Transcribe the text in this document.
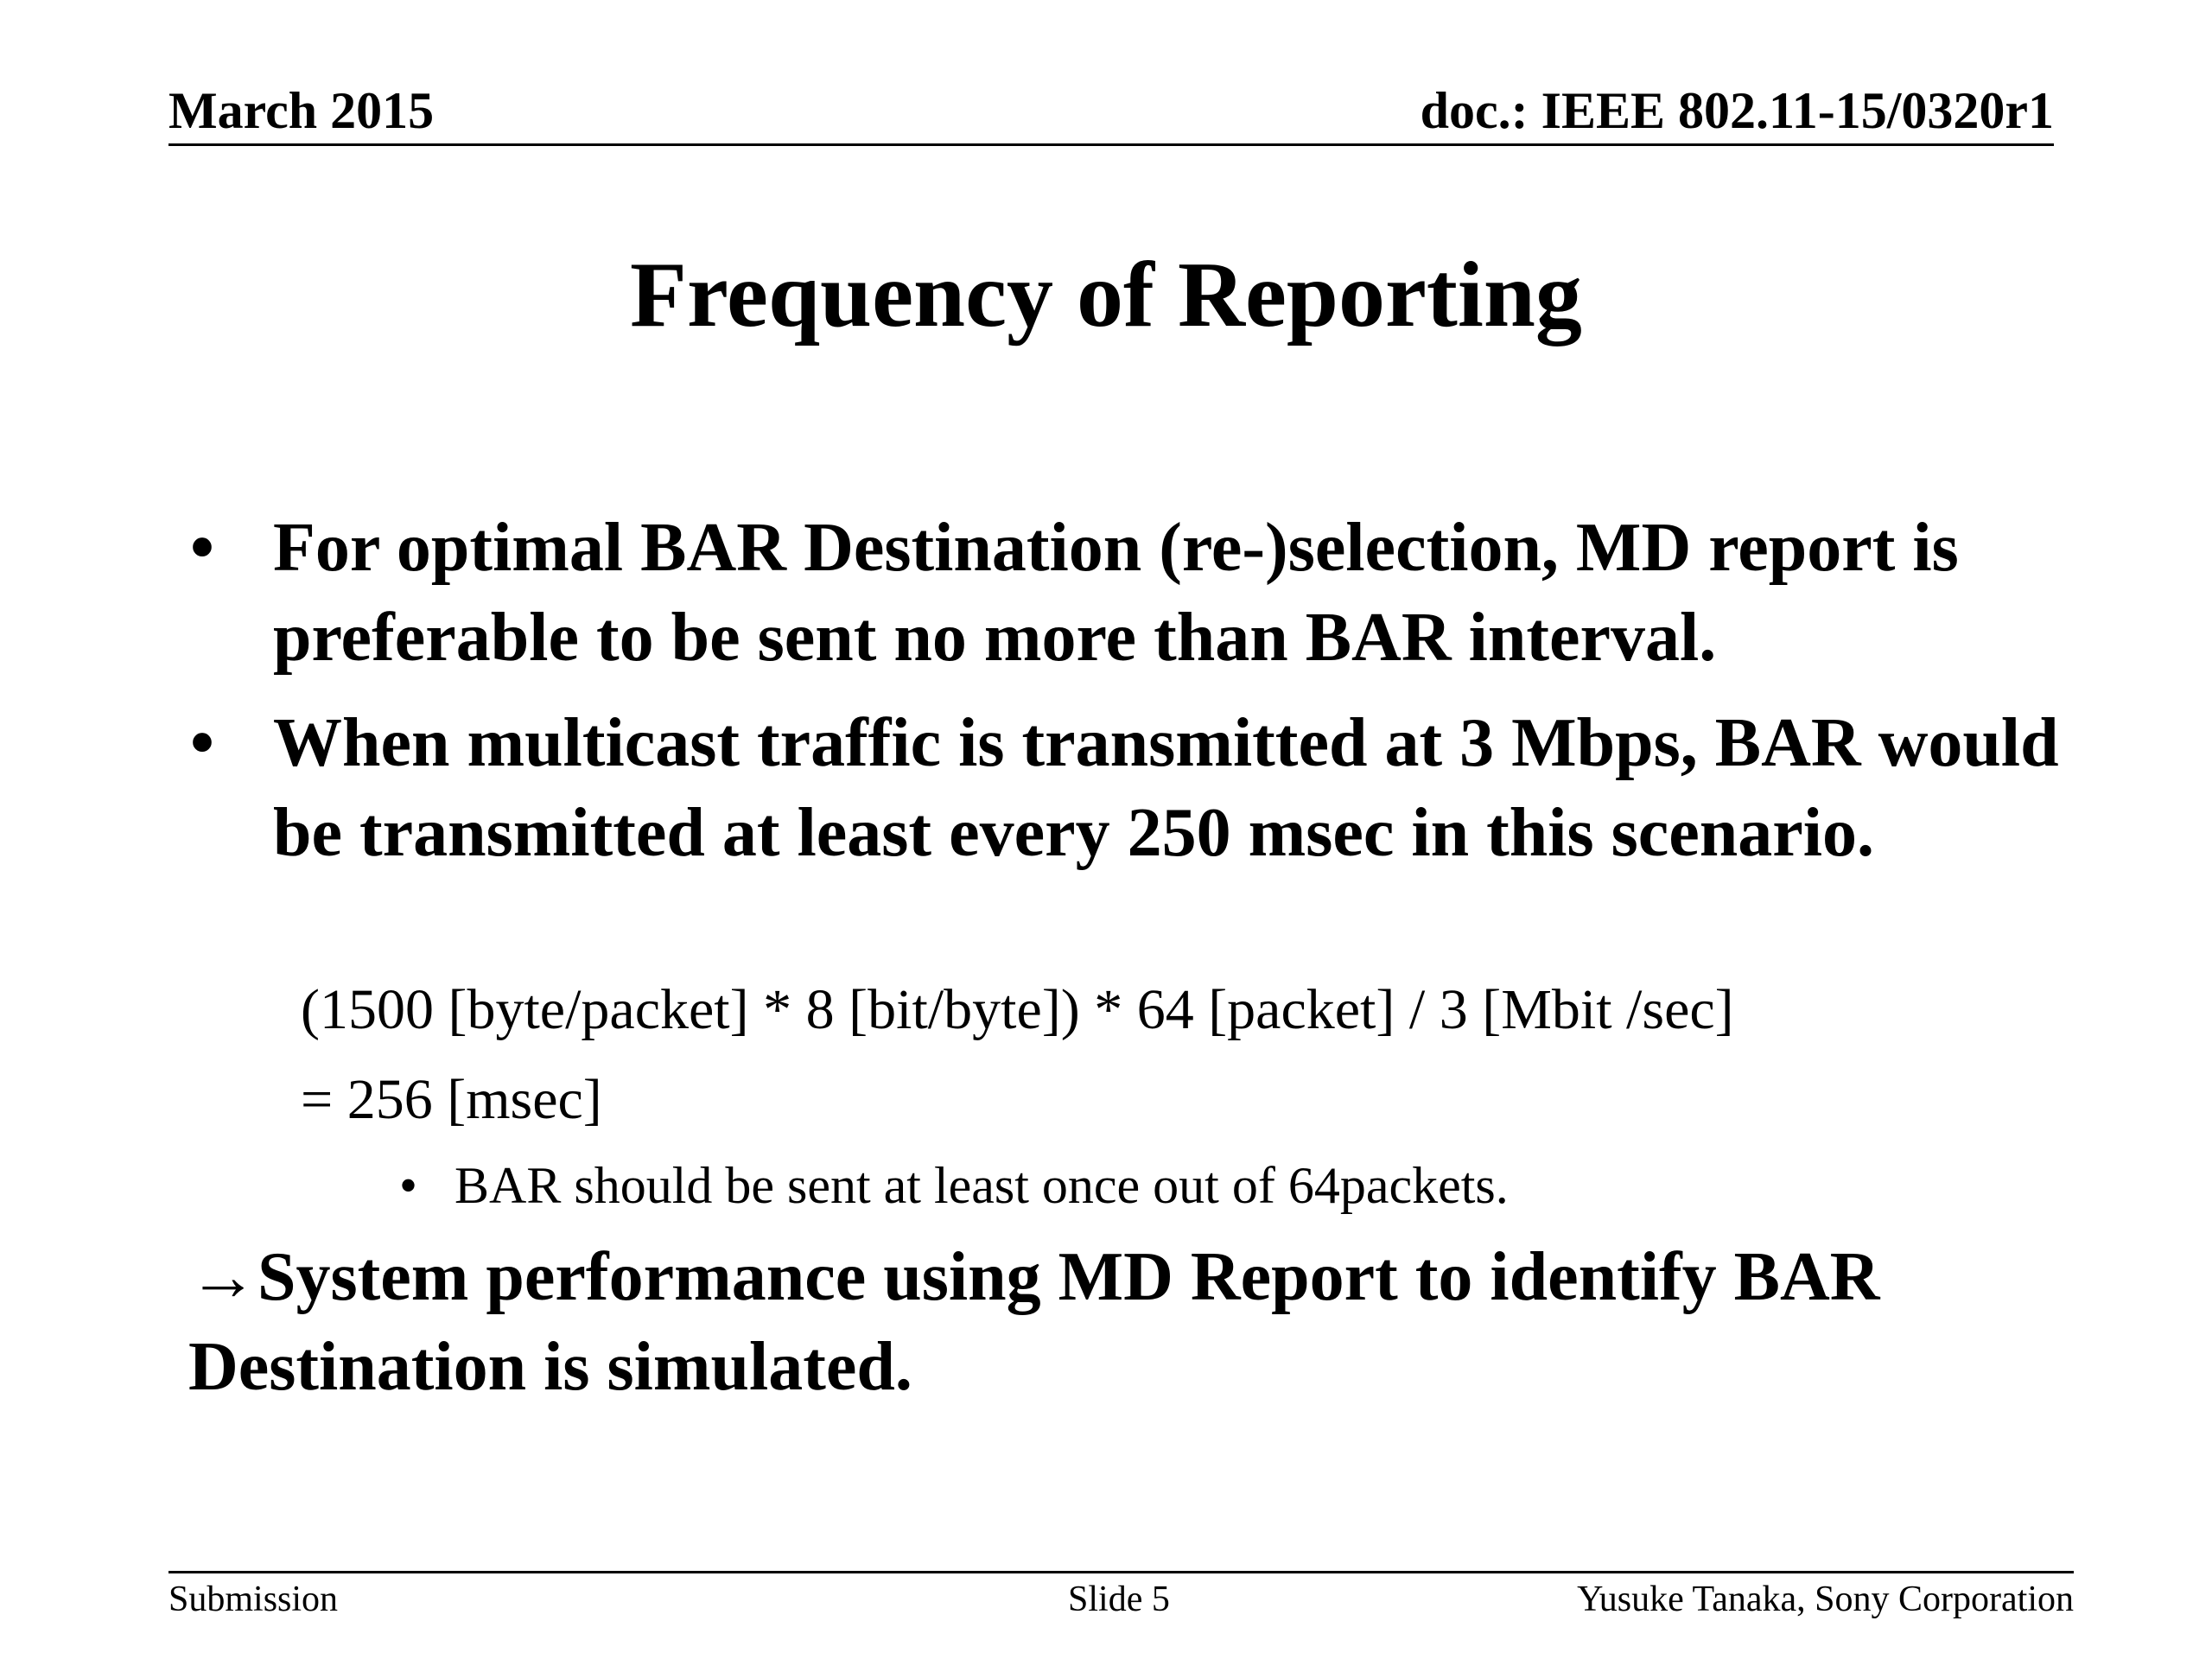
March 2015	doc.: IEEE 802.11-15/0320r1
Frequency of Reporting
• For optimal BAR Destination (re-)selection, MD report is preferable to be sent no more than BAR interval.
• When multicast traffic is transmitted at 3 Mbps, BAR would be transmitted at least every 250 msec in this scenario.
(1500 [byte/packet] * 8 [bit/byte]) * 64 [packet] / 3 [Mbit /sec]
= 256 [msec]
• BAR should be sent at least once out of 64packets.
→System performance using MD Report to identify BAR Destination is simulated.
Submission	Slide 5	Yusuke Tanaka, Sony Corporation
